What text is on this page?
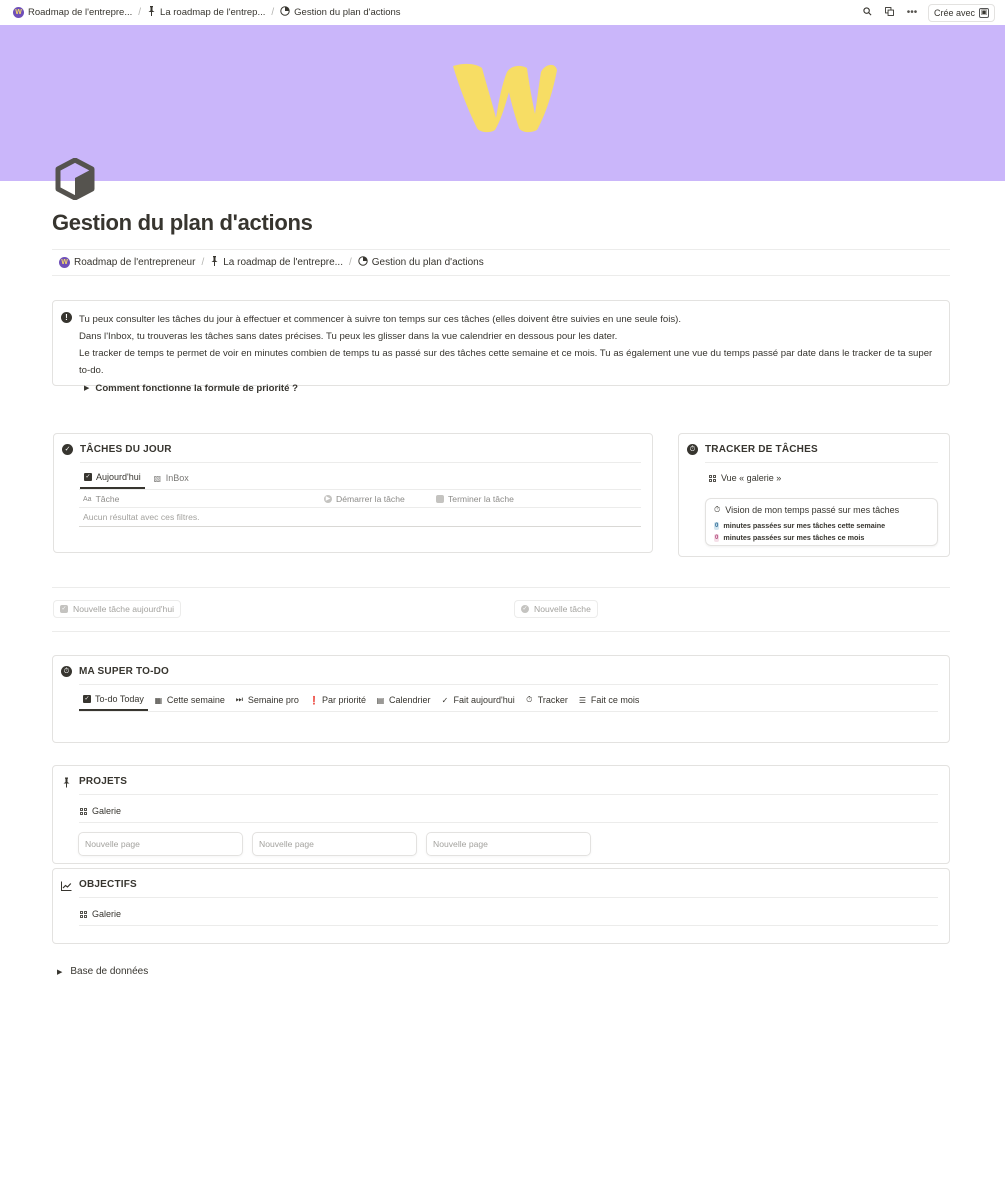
W Roadmap de l'entrepre... / La roadmap de l'entrep... / Gestion du plan d'actions	••• Crée avec ▣
Gestion du plan d'actions
W Roadmap de l'entrepreneur / La roadmap de l'entrepre... / Gestion du plan d'actions
!	Tu peux consulter les tâches du jour à effectuer et commencer à suivre ton temps sur ces tâches (elles doivent être suivies en une seule fois).
Dans l'Inbox, tu trouveras les tâches sans dates précises. Tu peux les glisser dans la vue calendrier en dessous pour les dater.
Le tracker de temps te permet de voir en minutes combien de temps tu as passé sur des tâches cette semaine et ce mois. Tu as également une vue du temps passé par date dans le tracker de ta super to-do.
▶ Comment fonctionne la formule de priorité ?
✓ TÂCHES DU JOUR
✓ Aujourd'hui ▧ InBox
Aa Tâche	▶ Démarrer la tâche	Terminer la tâche
Aucun résultat avec ces filtres.
⏱ TRACKER DE TÂCHES
Vue « galerie »
⏱ Vision de mon temps passé sur mes tâches
0 minutes passées sur mes tâches cette semaine
0 minutes passées sur mes tâches ce mois
✓ Nouvelle tâche aujourd'hui	✓ Nouvelle tâche
⏱ MA SUPER TO-DO
✓ To-do Today ▦ Cette semaine ⏭ Semaine pro ❗ Par priorité ▤ Calendrier ✓ Fait aujourd'hui ⏱ Tracker ☰ Fait ce mois
PROJETS
Galerie
Nouvelle page	Nouvelle page	Nouvelle page
OBJECTIFS
Galerie
▶ Base de données
